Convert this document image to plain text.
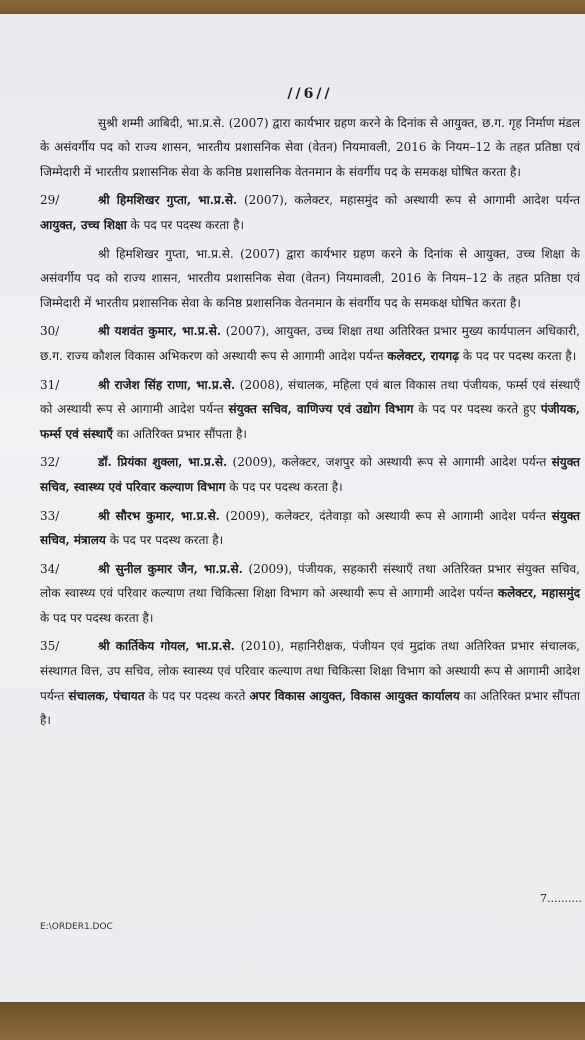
//6//
सुश्री शम्मी आबिदी, भा.प्र.से. (2007) द्वारा कार्यभार ग्रहण करने के दिनांक से आयुक्त, छ.ग. गृह निर्माण मंडल के असंवर्गीय पद को राज्य शासन, भारतीय प्रशासनिक सेवा (वेतन) नियमावली, 2016 के नियम–12 के तहत प्रतिष्ठा एवं जिम्मेदारी में भारतीय प्रशासनिक सेवा के कनिष्ठ प्रशासनिक वेतनमान के संवर्गीय पद के समकक्ष घोषित करता है।
29/	श्री हिमशिखर गुप्ता, भा.प्र.से. (2007), कलेक्टर, महासमुंद को अस्थायी रूप से आगामी आदेश पर्यन्त आयुक्त, उच्च शिक्षा के पद पर पदस्थ करता है।
श्री हिमशिखर गुप्ता, भा.प्र.से. (2007) द्वारा कार्यभार ग्रहण करने के दिनांक से आयुक्त, उच्च शिक्षा के असंवर्गीय पद को राज्य शासन, भारतीय प्रशासनिक सेवा (वेतन) नियमावली, 2016 के नियम–12 के तहत प्रतिष्ठा एवं जिम्मेदारी में भारतीय प्रशासनिक सेवा के कनिष्ठ प्रशासनिक वेतनमान के संवर्गीय पद के समकक्ष घोषित करता है।
30/	श्री यशवंत कुमार, भा.प्र.से. (2007), आयुक्त, उच्च शिक्षा तथा अतिरिक्त प्रभार मुख्य कार्यपालन अधिकारी, छ.ग. राज्य कौशल विकास अभिकरण को अस्थायी रूप से आगामी आदेश पर्यन्त कलेक्टर, रायगढ़ के पद पर पदस्थ करता है।
31/	श्री राजेश सिंह राणा, भा.प्र.से. (2008), संचालक, महिला एवं बाल विकास तथा पंजीयक, फर्म्स एवं संस्थाएँ को अस्थायी रूप से आगामी आदेश पर्यन्त संयुक्त सचिव, वाणिज्य एवं उद्योग विभाग के पद पर पदस्थ करते हुए पंजीयक, फर्म्स एवं संस्थाएँ का अतिरिक्त प्रभार सौंपता है।
32/	डॉ. प्रियंका शुक्ला, भा.प्र.से. (2009), कलेक्टर, जशपुर को अस्थायी रूप से आगामी आदेश पर्यन्त संयुक्त सचिव, स्वास्थ्य एवं परिवार कल्याण विभाग के पद पर पदस्थ करता है।
33/	श्री सौरभ कुमार, भा.प्र.से. (2009), कलेक्टर, दंतेवाड़ा को अस्थायी रूप से आगामी आदेश पर्यन्त संयुक्त सचिव, मंत्रालय के पद पर पदस्थ करता है।
34/	श्री सुनील कुमार जैन, भा.प्र.से. (2009), पंजीयक, सहकारी संस्थाएँ तथा अतिरिक्त प्रभार संयुक्त सचिव, लोक स्वास्थ्य एवं परिवार कल्याण तथा चिकित्सा शिक्षा विभाग को अस्थायी रूप से आगामी आदेश पर्यन्त कलेक्टर, महासमुंद के पद पर पदस्थ करता है।
35/	श्री कार्तिकेय गोयल, भा.प्र.से. (2010), महानिरीक्षक, पंजीयन एवं मुद्रांक तथा अतिरिक्त प्रभार संचालक, संस्थागत वित्त, उप सचिव, लोक स्वास्थ्य एवं परिवार कल्याण तथा चिकित्सा शिक्षा विभाग को अस्थायी रूप से आगामी आदेश पर्यन्त संचालक, पंचायत के पद पर पदस्थ करते अपर विकास आयुक्त, विकास आयुक्त कार्यालय का अतिरिक्त प्रभार सौंपता है।
7..........
E:\ORDER1.DOC
